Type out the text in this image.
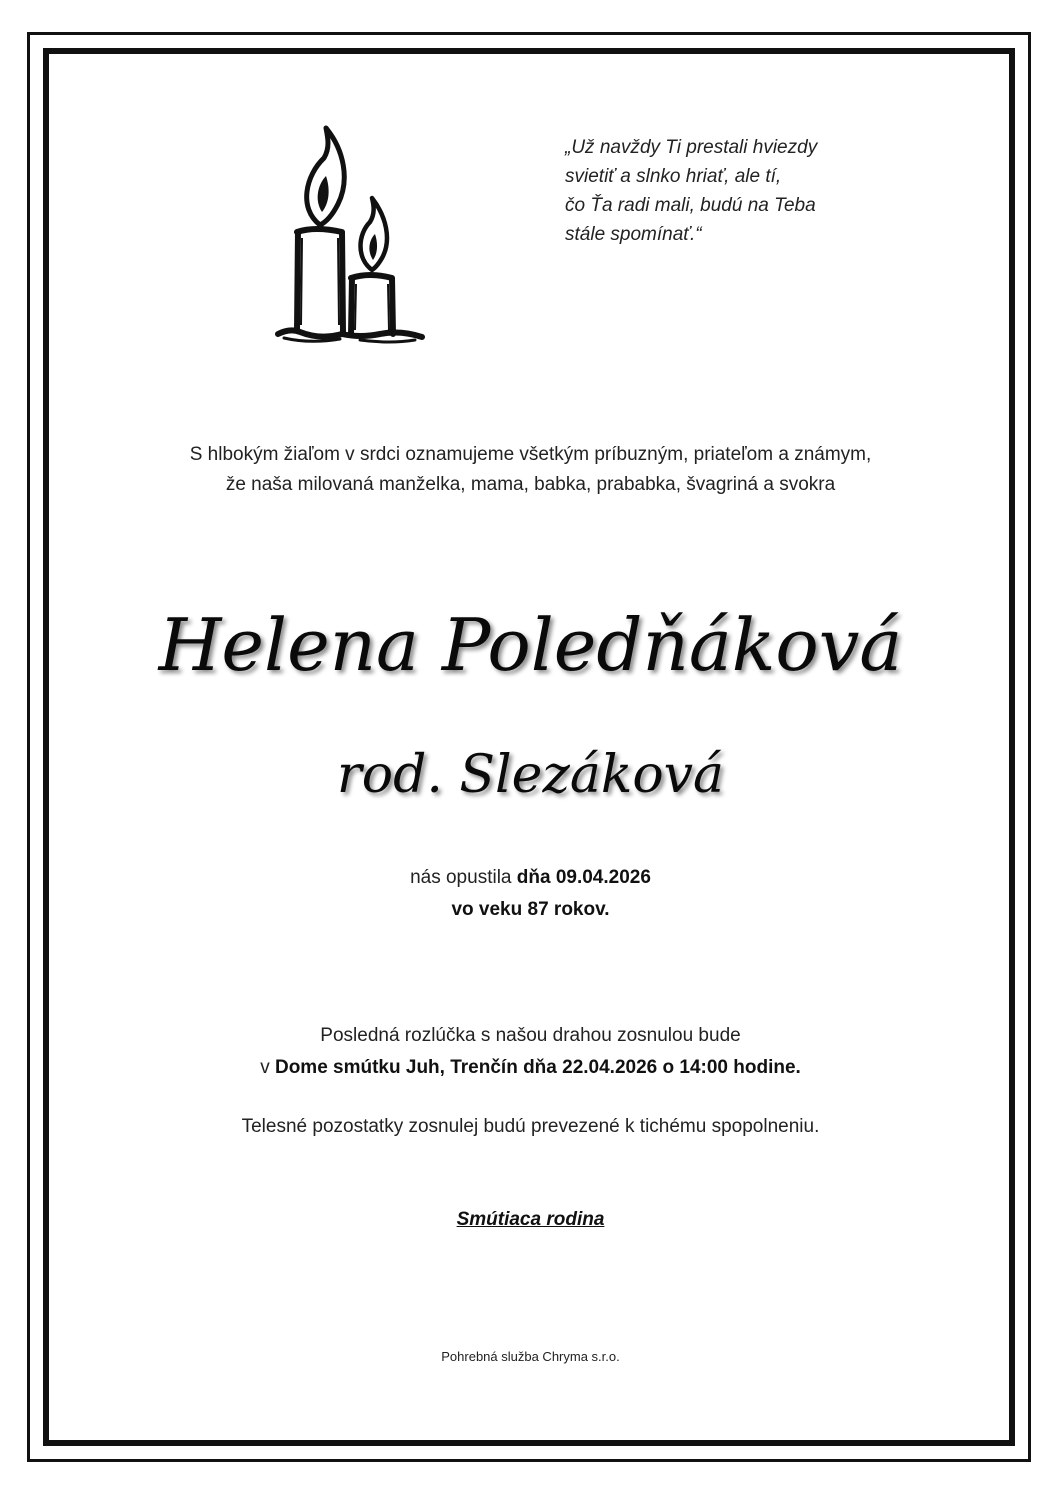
„Už navždy Ti prestali hviezdy
svietiť a slnko hriať, ale tí,
čo Ťa radi mali, budú na Teba
stále spomínať.“
S hlbokým žiaľom v srdci oznamujeme všetkým príbuzným, priateľom a známym,
že naša milovaná manželka, mama, babka, prababka, švagriná a svokra
Helena Poledňáková
rod. Slezáková
nás opustila dňa 09.04.2026
vo veku 87 rokov.
Posledná rozlúčka s našou drahou zosnulou bude
v Dome smútku Juh, Trenčín dňa 22.04.2026 o 14:00 hodine.
Telesné pozostatky zosnulej budú prevezené k tichému spopolneniu.
Smútiaca rodina
Pohrebná služba Chryma s.r.o.
